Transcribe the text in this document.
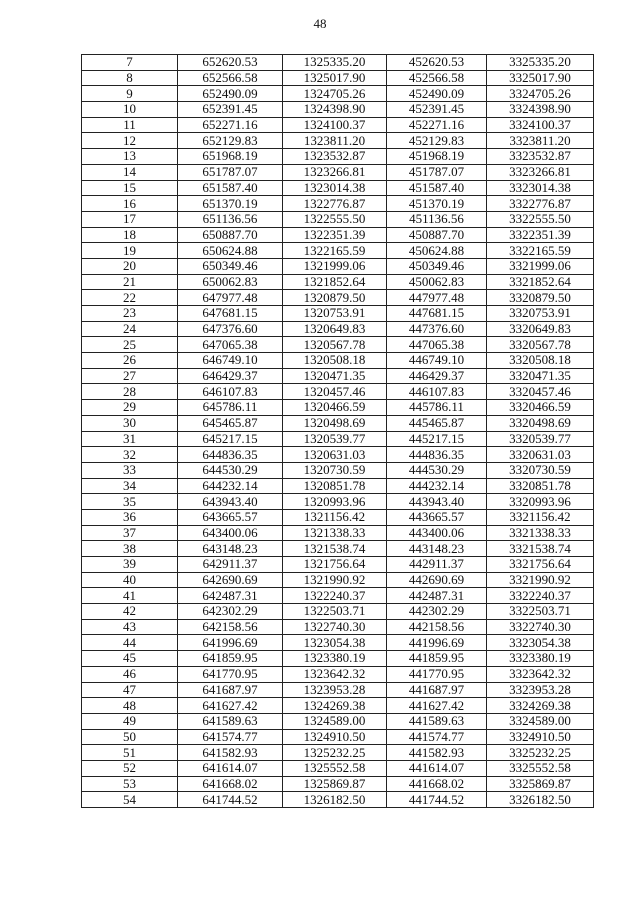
48
7	652620.53	1325335.20	452620.53	3325335.20
8	652566.58	1325017.90	452566.58	3325017.90
9	652490.09	1324705.26	452490.09	3324705.26
10	652391.45	1324398.90	452391.45	3324398.90
11	652271.16	1324100.37	452271.16	3324100.37
12	652129.83	1323811.20	452129.83	3323811.20
13	651968.19	1323532.87	451968.19	3323532.87
14	651787.07	1323266.81	451787.07	3323266.81
15	651587.40	1323014.38	451587.40	3323014.38
16	651370.19	1322776.87	451370.19	3322776.87
17	651136.56	1322555.50	451136.56	3322555.50
18	650887.70	1322351.39	450887.70	3322351.39
19	650624.88	1322165.59	450624.88	3322165.59
20	650349.46	1321999.06	450349.46	3321999.06
21	650062.83	1321852.64	450062.83	3321852.64
22	647977.48	1320879.50	447977.48	3320879.50
23	647681.15	1320753.91	447681.15	3320753.91
24	647376.60	1320649.83	447376.60	3320649.83
25	647065.38	1320567.78	447065.38	3320567.78
26	646749.10	1320508.18	446749.10	3320508.18
27	646429.37	1320471.35	446429.37	3320471.35
28	646107.83	1320457.46	446107.83	3320457.46
29	645786.11	1320466.59	445786.11	3320466.59
30	645465.87	1320498.69	445465.87	3320498.69
31	645217.15	1320539.77	445217.15	3320539.77
32	644836.35	1320631.03	444836.35	3320631.03
33	644530.29	1320730.59	444530.29	3320730.59
34	644232.14	1320851.78	444232.14	3320851.78
35	643943.40	1320993.96	443943.40	3320993.96
36	643665.57	1321156.42	443665.57	3321156.42
37	643400.06	1321338.33	443400.06	3321338.33
38	643148.23	1321538.74	443148.23	3321538.74
39	642911.37	1321756.64	442911.37	3321756.64
40	642690.69	1321990.92	442690.69	3321990.92
41	642487.31	1322240.37	442487.31	3322240.37
42	642302.29	1322503.71	442302.29	3322503.71
43	642158.56	1322740.30	442158.56	3322740.30
44	641996.69	1323054.38	441996.69	3323054.38
45	641859.95	1323380.19	441859.95	3323380.19
46	641770.95	1323642.32	441770.95	3323642.32
47	641687.97	1323953.28	441687.97	3323953.28
48	641627.42	1324269.38	441627.42	3324269.38
49	641589.63	1324589.00	441589.63	3324589.00
50	641574.77	1324910.50	441574.77	3324910.50
51	641582.93	1325232.25	441582.93	3325232.25
52	641614.07	1325552.58	441614.07	3325552.58
53	641668.02	1325869.87	441668.02	3325869.87
54	641744.52	1326182.50	441744.52	3326182.50
